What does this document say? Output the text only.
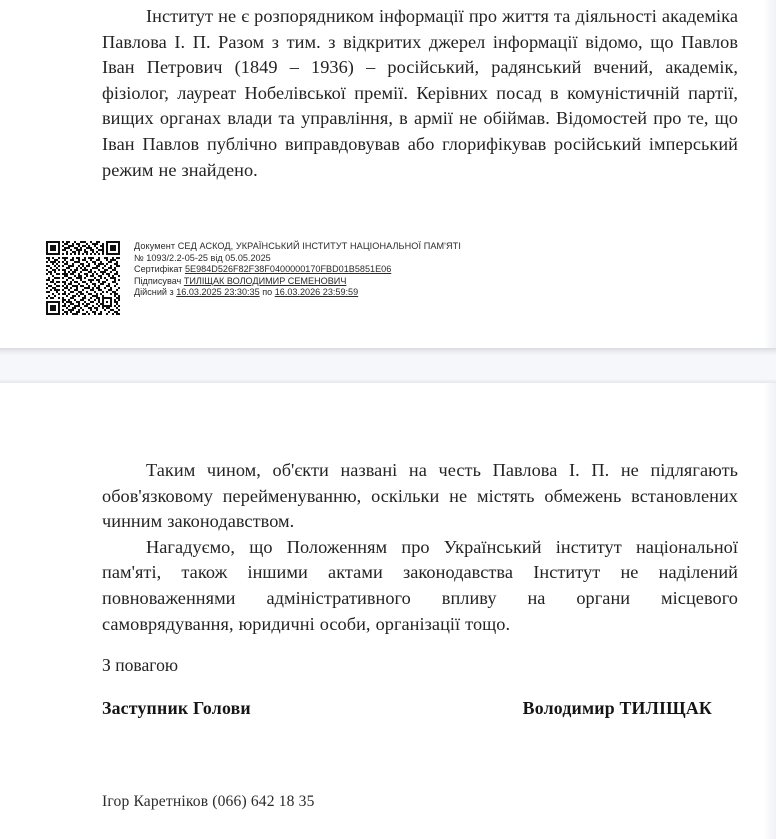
Інститут не є розпорядником інформації про життя та діяльності академіка Павлова І. П. Разом з тим. з відкритих джерел інформації відомо, що Павлов Іван Петрович (1849 – 1936) – російський, радянський вчений, академік, фізіолог, лауреат Нобелівської премії. Керівних посад в комуністичній партії, вищих органах влади та управління, в армії не обіймав. Відомостей про те, що Іван Павлов публічно виправдовував або глорифікував російський імперський режим не знайдено.

Документ СЕД АСКОД, УКРАЇНСЬКИЙ ІНСТИТУТ НАЦІОНАЛЬНОЇ ПАМ'ЯТІ
№ 1093/2.2-05-25 від 05.05.2025
Сертифікат 5E984D526F82F38F0400000170FBD01B5851E06
Підписувач ТИЛІЩАК ВОЛОДИМИР СЕМЕНОВИЧ
Дійсний з 16.03.2025 23:30:35 по 16.03.2026 23:59:59

Таким чином, об'єкти названі на честь Павлова І. П. не підлягають обов'язковому перейменуванню, оскільки не містять обмежень встановлених чинним законодавством.

Нагадуємо, що Положенням про Український інститут національної пам'яті, також іншими актами законодавства Інститут не наділений повноваженнями адміністративного впливу на органи місцевого самоврядування, юридичні особи, організації тощо.

З повагою
Заступник Голови	Володимир ТИЛІЩАК
Ігор Каретніков (066) 642 18 35
